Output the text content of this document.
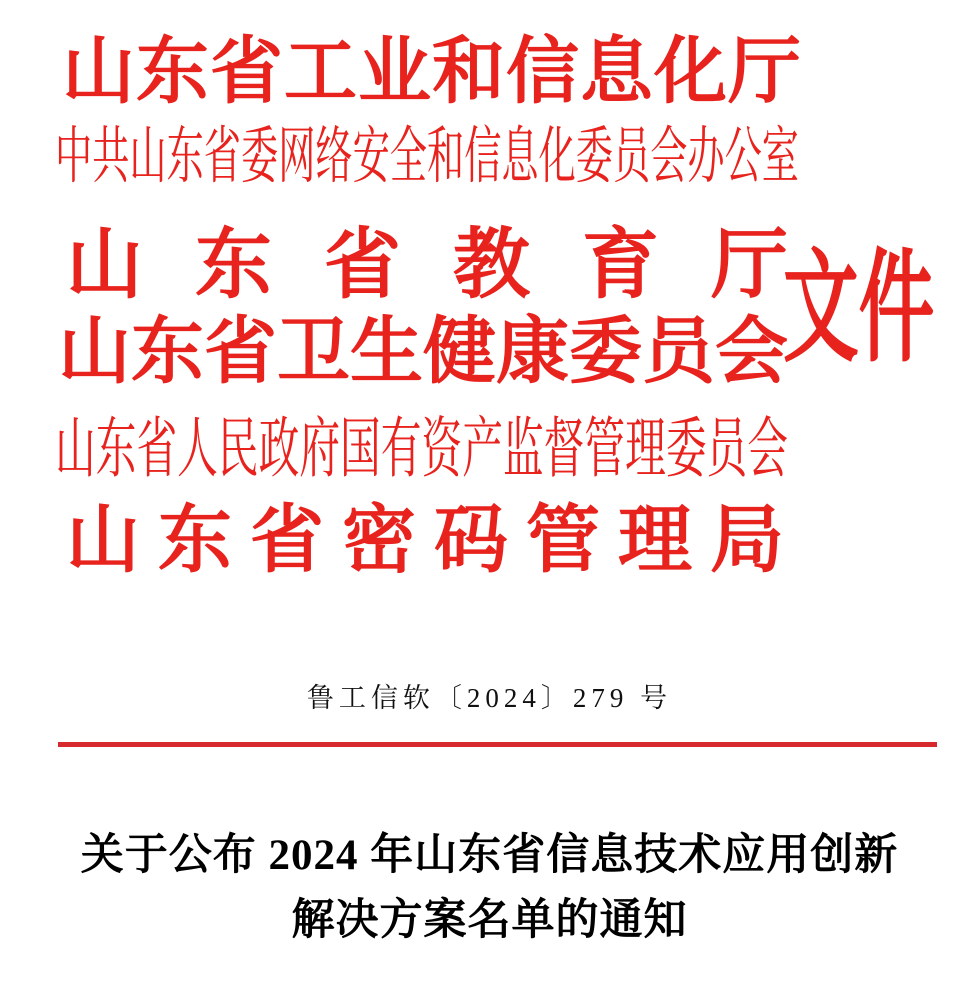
山东省工业和信息化厅
中共山东省委网络安全和信息化委员会办公室
山东省教育厅
山东省卫生健康委员会
山东省人民政府国有资产监督管理委员会
山东省密码管理局
文件
鲁工信软〔2024〕279 号
关于公布 2024 年山东省信息技术应用创新
解决方案名单的通知
